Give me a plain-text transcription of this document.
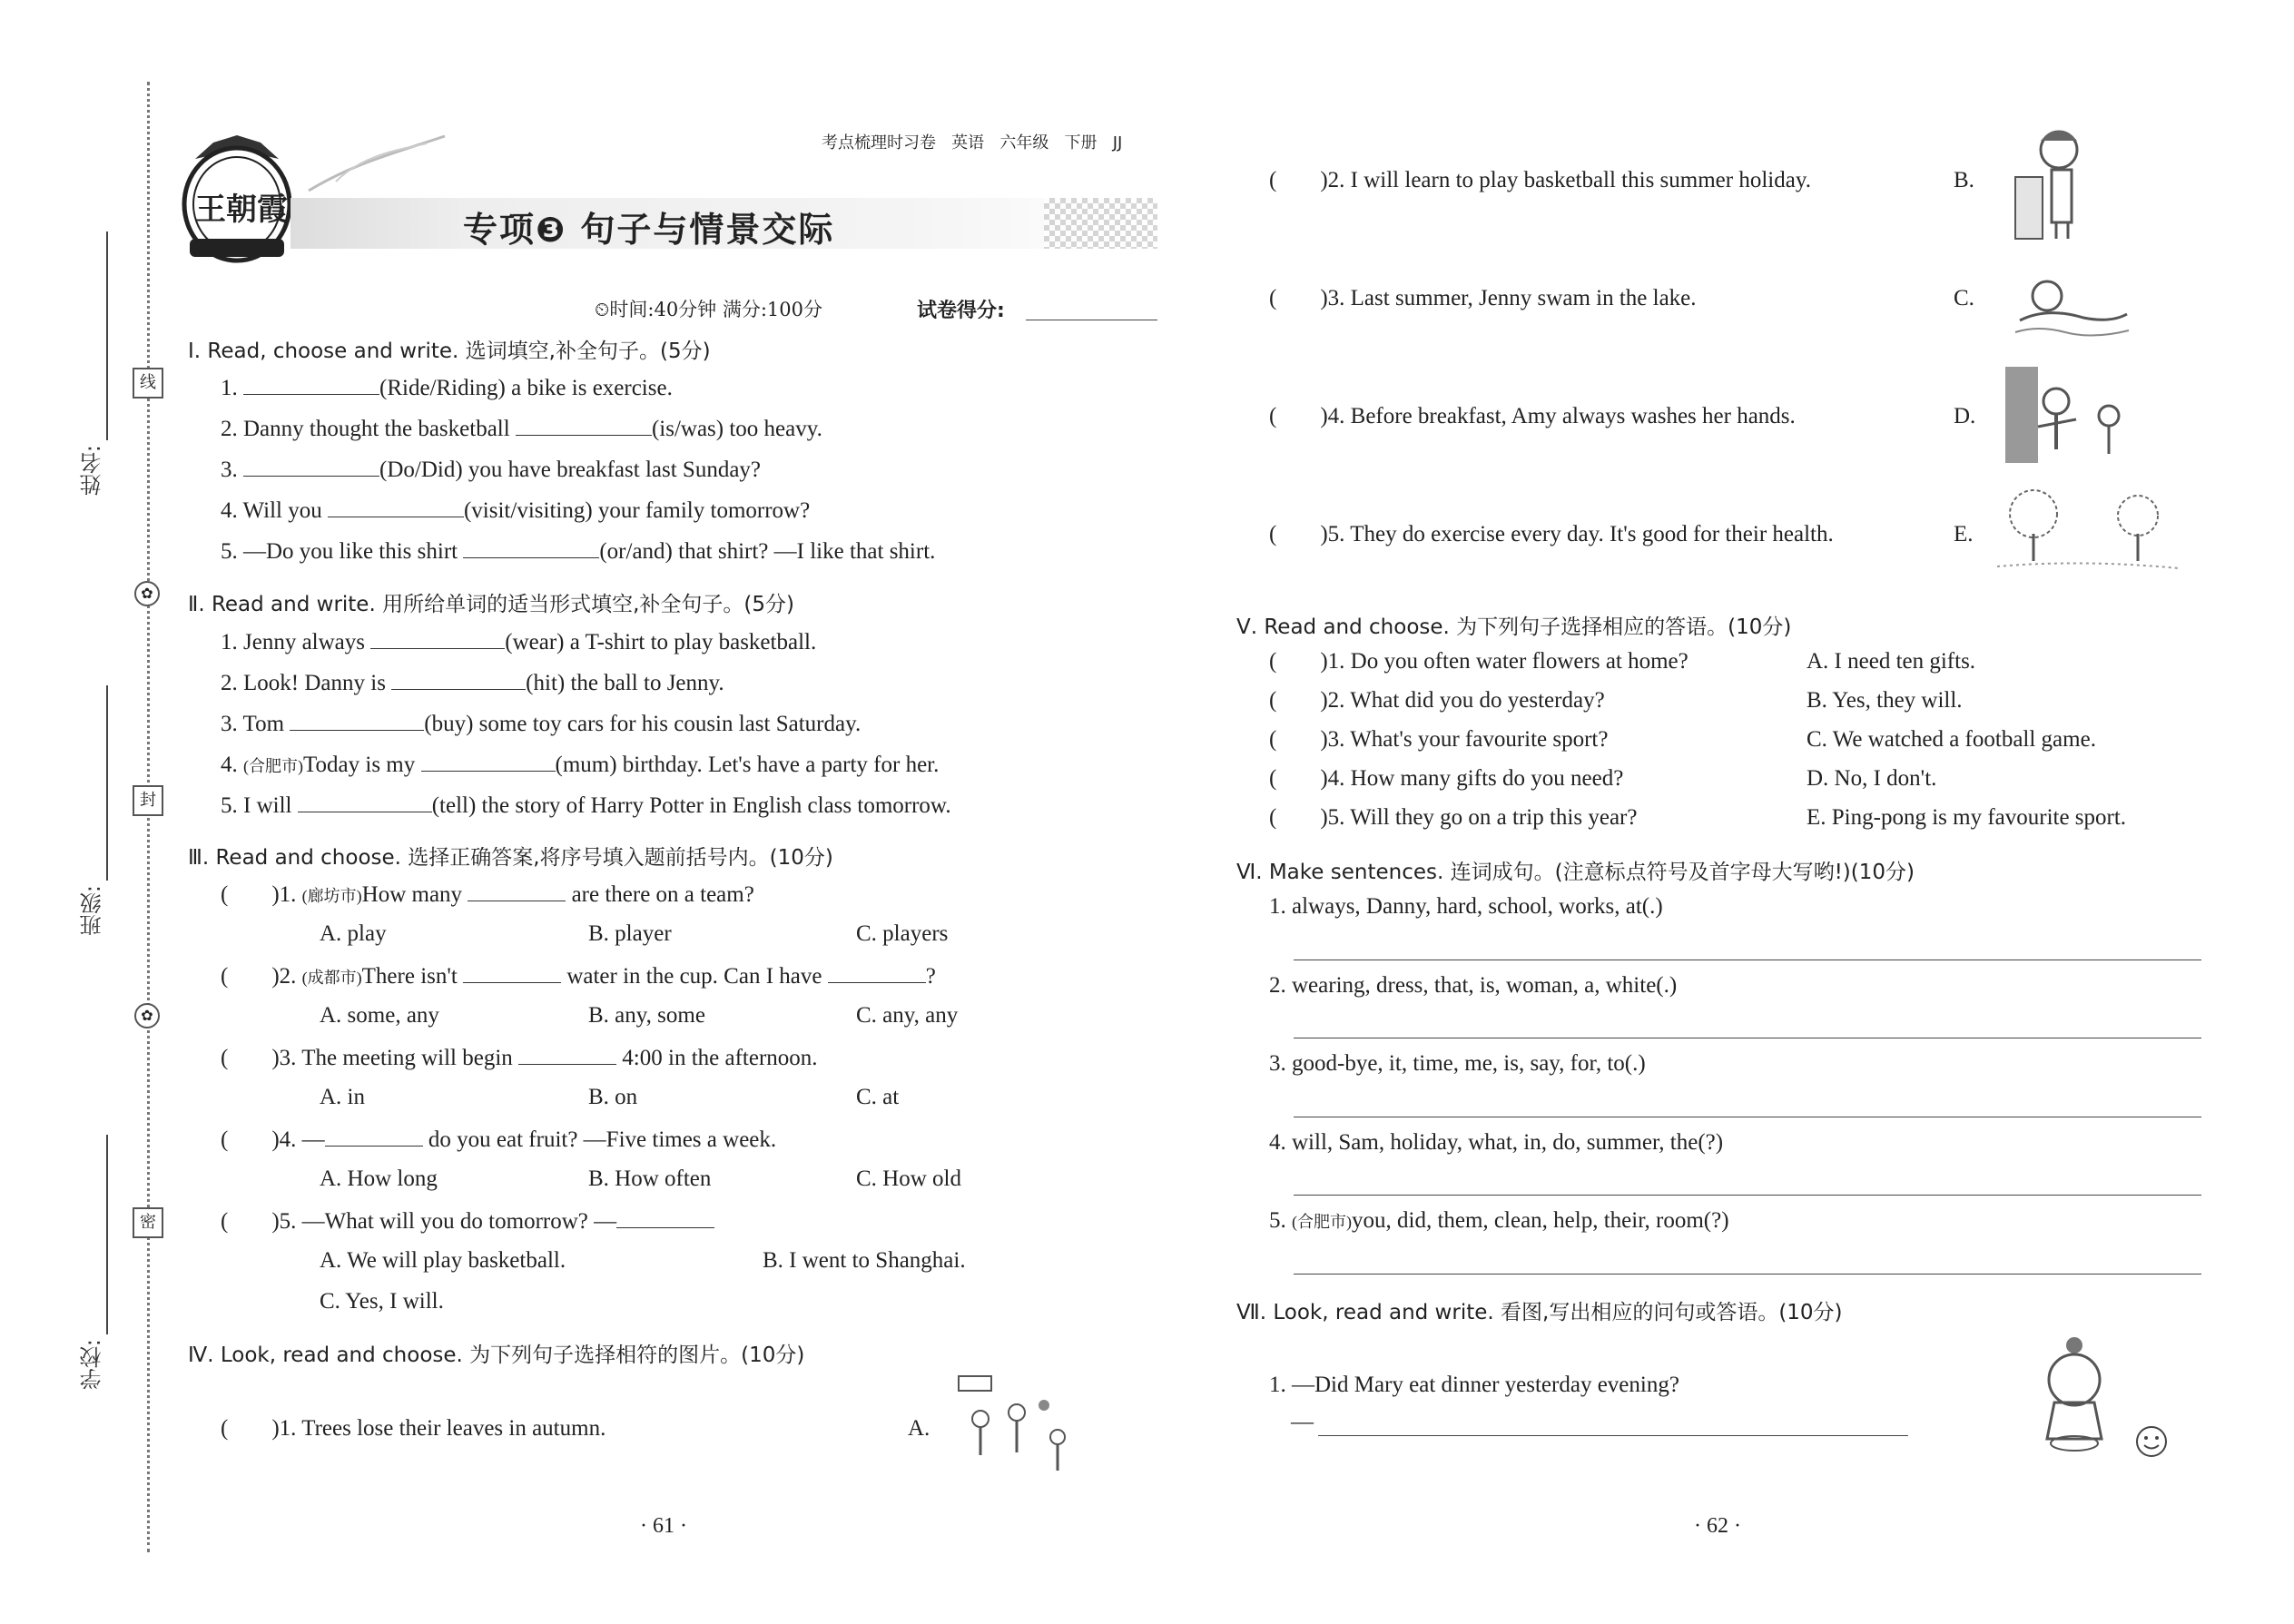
姓名:
班级:
学校:
线
封
密
✿
✿
王朝霞
考点梳理时习卷 英语 六年级 下册 JJ
专项❸ 句子与情景交际
⏲时间:40分钟 满分:100分	试卷得分:
Ⅰ. Read, choose and write. 选词填空,补全句子。(5分)
1.	(Ride/Riding) a bike is exercise.
2. Danny thought the basketball	(is/was) too heavy.
3.	(Do/Did) you have breakfast last Sunday?
4. Will you	(visit/visiting) your family tomorrow?
5. —Do you like this shirt	(or/and) that shirt? —I like that shirt.
Ⅱ. Read and write. 用所给单词的适当形式填空,补全句子。(5分)
1. Jenny always	(wear) a T-shirt to play basketball.
2. Look! Danny is	(hit) the ball to Jenny.
3. Tom	(buy) some toy cars for his cousin last Saturday.
4. (合肥市)Today is my	(mum) birthday. Let's have a party for her.
5. I will	(tell) the story of Harry Potter in English class tomorrow.
Ⅲ. Read and choose. 选择正确答案,将序号填入题前括号内。(10分)
( )1. (廊坊市)How many	are there on a team?
A. play	B. player	C. players
( )2. (成都市)There isn't	water in the cup. Can I have	?
A. some, any	B. any, some	C. any, any
( )3. The meeting will begin	4:00 in the afternoon.
A. in	B. on	C. at
( )4. —	do you eat fruit? —Five times a week.
A. How long	B. How often	C. How old
( )5. —What will you do tomorrow? —
A. We will play basketball.	B. I went to Shanghai.
C. Yes, I will.
Ⅳ. Look, read and choose. 为下列句子选择相符的图片。(10分)
( )1. Trees lose their leaves in autumn.	A.
( )2. I will learn to play basketball this summer holiday.	B.
( )3. Last summer, Jenny swam in the lake.	C.
( )4. Before breakfast, Amy always washes her hands.	D.
( )5. They do exercise every day. It's good for their health.	E.
Ⅴ. Read and choose. 为下列句子选择相应的答语。(10分)
( )1. Do you often water flowers at home?	A. I need ten gifts.
( )2. What did you do yesterday?	B. Yes, they will.
( )3. What's your favourite sport?	C. We watched a football game.
( )4. How many gifts do you need?	D. No, I don't.
( )5. Will they go on a trip this year?	E. Ping-pong is my favourite sport.
Ⅵ. Make sentences. 连词成句。(注意标点符号及首字母大写哟!)(10分)
1. always, Danny, hard, school, works, at(.)
2. wearing, dress, that, is, woman, a, white(.)
3. good-bye, it, time, me, is, say, for, to(.)
4. will, Sam, holiday, what, in, do, summer, the(?)
5. (合肥市)you, did, them, clean, help, their, room(?)
Ⅶ. Look, read and write. 看图,写出相应的问句或答语。(10分)
1. —Did Mary eat dinner yesterday evening?
—
· 61 ·	· 62 ·
